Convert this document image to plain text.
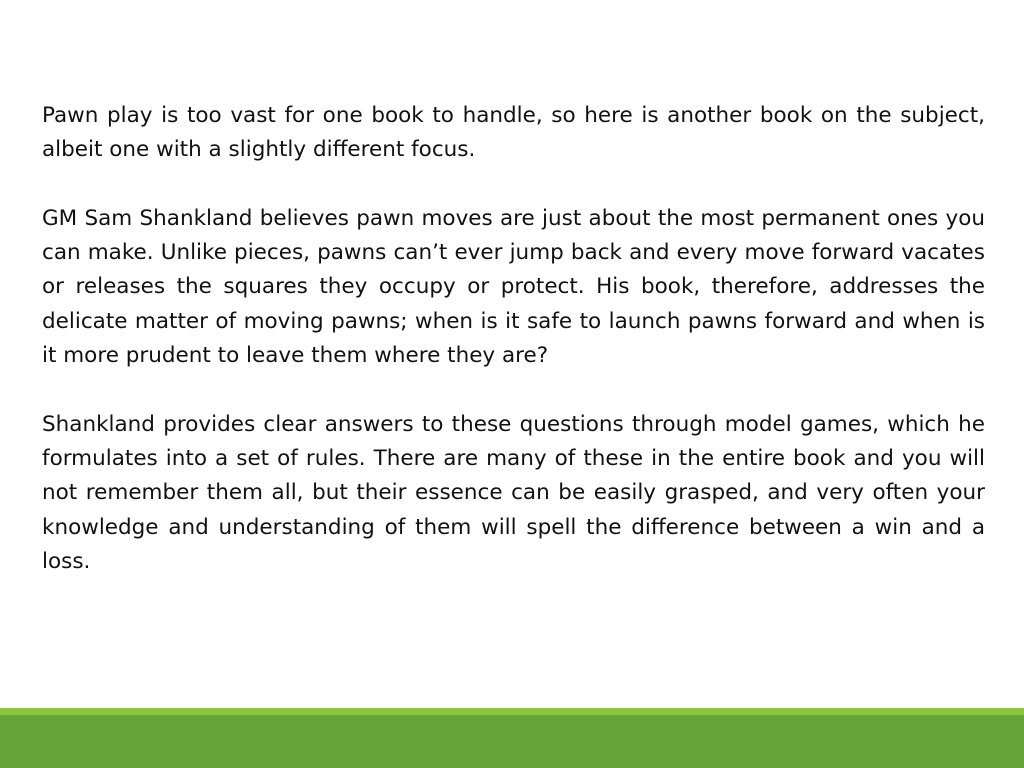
Pawn play is too vast for one book to handle, so here is another book on the subject, albeit one with a slightly different focus.

GM Sam Shankland believes pawn moves are just about the most permanent ones you can make. Unlike pieces, pawns can’t ever jump back and every move forward vacates or releases the squares they occupy or protect. His book, therefore, addresses the delicate matter of moving pawns; when is it safe to launch pawns forward and when is it more prudent to leave them where they are?

Shankland provides clear answers to these questions through model games, which he formulates into a set of rules. There are many of these in the entire book and you will not remember them all, but their essence can be easily grasped, and very often your knowledge and understanding of them will spell the difference between a win and a loss.
